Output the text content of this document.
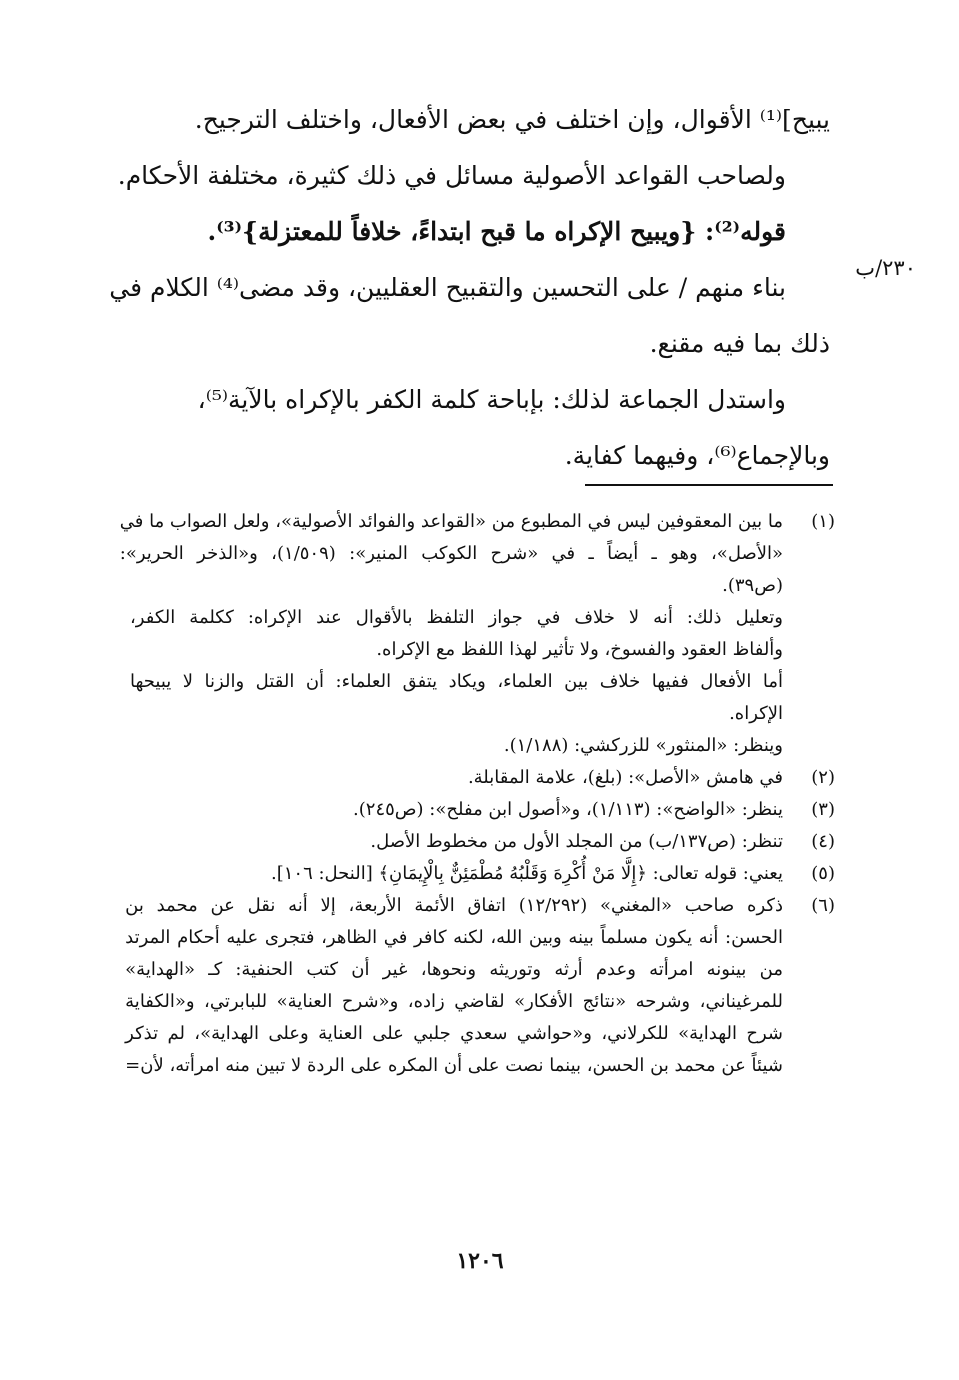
يبيح]⁽¹⁾ الأقوال، وإن اختلف في بعض الأفعال، واختلف الترجيح.
ولصاحب القواعد الأصولية مسائل في ذلك كثيرة، مختلفة الأحكام.
قوله⁽²⁾: {ويبيح الإكراه ما قبح ابتداءً، خلافاً للمعتزلة}⁽³⁾.
بناء منهم / على التحسين والتقبيح العقليين، وقد مضى⁽⁴⁾ الكلام في
ذلك بما فيه مقنع.
واستدل الجماعة لذلك: بإباحة كلمة الكفر بالإكراه بالآية⁽⁵⁾،
وبالإجماع⁽⁶⁾، وفيهما كفاية.
٢٣٠/ب
(١)
ما بين المعقوفين ليس في المطبوع من «القواعد والفوائد الأصولية»، ولعل الصواب ما في
«الأصل»، وهو ـ أيضاً ـ في «شرح الكوكب المنير»: (١/٥٠٩)، و«الذخر الحرير»:
(ص٣٩).
وتعليل ذلك: أنه لا خلاف في جواز التلفظ بالأقوال عند الإكراه: ككلمة الكفر،
وألفاظ العقود والفسوخ، ولا تأثير لهذا اللفظ مع الإكراه.
أما الأفعال ففيها خلاف بين العلماء، ويكاد يتفق العلماء: أن القتل والزنا لا يبيحها
الإكراه.
وينظر: «المنثور» للزركشي: (١/١٨٨).
(٢)
في هامش «الأصل»: (بلغ)، علامة المقابلة.
(٣)
ينظر: «الواضح»: (١/١١٣)، و«أصول ابن مفلح»: (ص٢٤٥).
(٤)
تنظر: (ص١٣٧/ب) من المجلد الأول من مخطوط الأصل.
(٥)
يعني: قوله تعالى: ﴿إِلَّا مَنْ أُكْرِهَ وَقَلْبُهُ مُطْمَئِنٌّ بِالْإِيمَانِ﴾ [النحل: ١٠٦].
(٦)
ذكره صاحب «المغني» (١٢/٢٩٢) اتفاق الأئمة الأربعة، إلا أنه نقل عن محمد بن
الحسن: أنه يكون مسلماً بينه وبين الله، لكنه كافر في الظاهر، فتجرى عليه أحكام المرتد
من بينونه امرأته وعدم أرثه وتوريثه ونحوها، غير أن كتب الحنفية: كـ «الهداية»
للمرغيناني، وشرحه «نتائج الأفكار» لقاضي زاده، و«شرح العناية» للبابرتي، و«الكفاية
شرح الهداية» للكرلاني، و«حواشي سعدي جلبي على العناية وعلى الهداية»، لم تذكر
شيئاً عن محمد بن الحسن، بينما نصت على أن المكره على الردة لا تبين منه امرأته، لأن=
١٢٠٦
